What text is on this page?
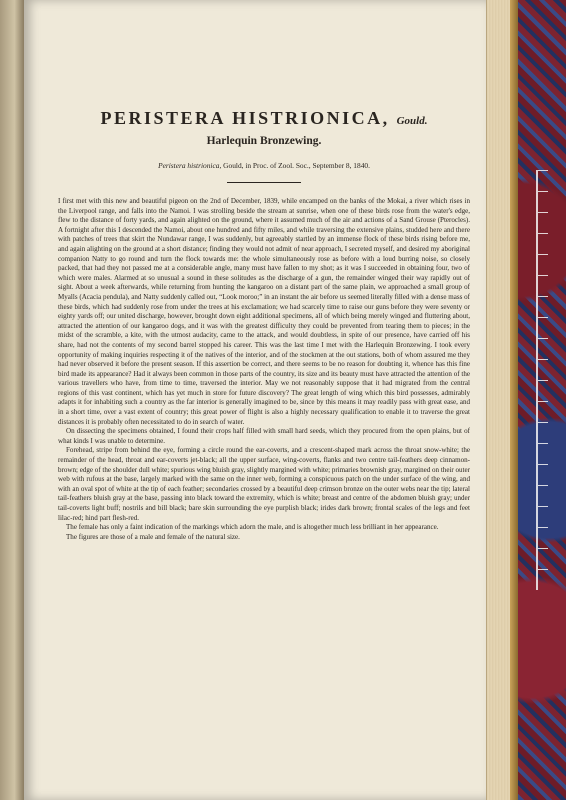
PERISTERA HISTRIONICA, Gould.

Harlequin Bronzewing.

Peristera histrionica, Gould, in Proc. of Zool. Soc., September 8, 1840.

I first met with this new and beautiful pigeon on the 2nd of December, 1839, while encamped on the banks of the Mokai, a river which rises in the Liverpool range, and falls into the Namoi. I was strolling beside the stream at sunrise, when one of these birds rose from the water's edge, flew to the distance of forty yards, and again alighted on the ground, where it assumed much of the air and actions of a Sand Grouse (Pterocles). A fortnight after this I descended the Namoi, about one hundred and fifty miles, and while traversing the extensive plains, studded here and there with patches of trees that skirt the Nundawar range, I was suddenly, but agreeably startled by an immense flock of these birds rising before me, and again alighting on the ground at a short distance; finding they would not admit of near approach, I secreted myself, and desired my aboriginal companion Natty to go round and turn the flock towards me: the whole simultaneously rose as before with a loud burring noise, so closely packed, that had they not passed me at a considerable angle, many must have fallen to my shot; as it was I succeeded in obtaining four, two of which were males. Alarmed at so unusual a sound in these solitudes as the discharge of a gun, the remainder winged their way rapidly out of sight. About a week afterwards, while returning from hunting the kangaroo on a distant part of the same plain, we approached a small group of Myalls (Acacia pendula), and Natty suddenly called out, “Look moroo;” in an instant the air before us seemed literally filled with a dense mass of these birds, which had suddenly rose from under the trees at his exclamation; we had scarcely time to raise our guns before they were seventy or eighty yards off; our united discharge, however, brought down eight additional specimens, all of which being merely winged and fluttering about, attracted the attention of our kangaroo dogs, and it was with the greatest difficulty they could be prevented from tearing them to pieces; in the midst of the scramble, a kite, with the utmost audacity, came to the attack, and would doubtless, in spite of our presence, have carried off his share, had not the contents of my second barrel stopped his career. This was the last time I met with the Harlequin Bronzewing. I took every opportunity of making inquiries respecting it of the natives of the interior, and of the stockmen at the out stations, both of whom assured me they had never observed it before the present season. If this assertion be correct, and there seems to be no reason for doubting it, whence has this fine bird made its appearance? Had it always been common in those parts of the country, its size and its beauty must have attracted the attention of the various travellers who have, from time to time, traversed the interior. May we not reasonably suppose that it had migrated from the central regions of this vast continent, which has yet much in store for future discovery? The great length of wing which this bird possesses, admirably adapts it for inhabiting such a country as the far interior is generally imagined to be, since by this means it may readily pass with great ease, and in a short time, over a vast extent of country; this great power of flight is also a highly necessary qualification to enable it to traverse the great distances it is probably often necessitated to do in search of water.

On dissecting the specimens obtained, I found their crops half filled with small hard seeds, which they procured from the open plains, but of what kinds I was unable to determine.

Forehead, stripe from behind the eye, forming a circle round the ear-coverts, and a crescent-shaped mark across the throat snow-white; the remainder of the head, throat and ear-coverts jet-black; all the upper surface, wing-coverts, flanks and two centre tail-feathers deep cinnamon-brown; edge of the shoulder dull white; spurious wing bluish gray, slightly margined with white; primaries brownish gray, margined on their outer web with rufous at the base, largely marked with the same on the inner web, forming a conspicuous patch on the under surface of the wing, and with an oval spot of white at the tip of each feather; secondaries crossed by a beautiful deep crimson bronze on the outer webs near the tip; lateral tail-feathers bluish gray at the base, passing into black toward the extremity, which is white; breast and centre of the abdomen bluish gray; under tail-coverts light buff; nostrils and bill black; bare skin surrounding the eye purplish black; irides dark brown; frontal scales of the legs and feet lilac-red; hind part flesh-red.

The female has only a faint indication of the markings which adorn the male, and is altogether much less brilliant in her appearance.

The figures are those of a male and female of the natural size.
